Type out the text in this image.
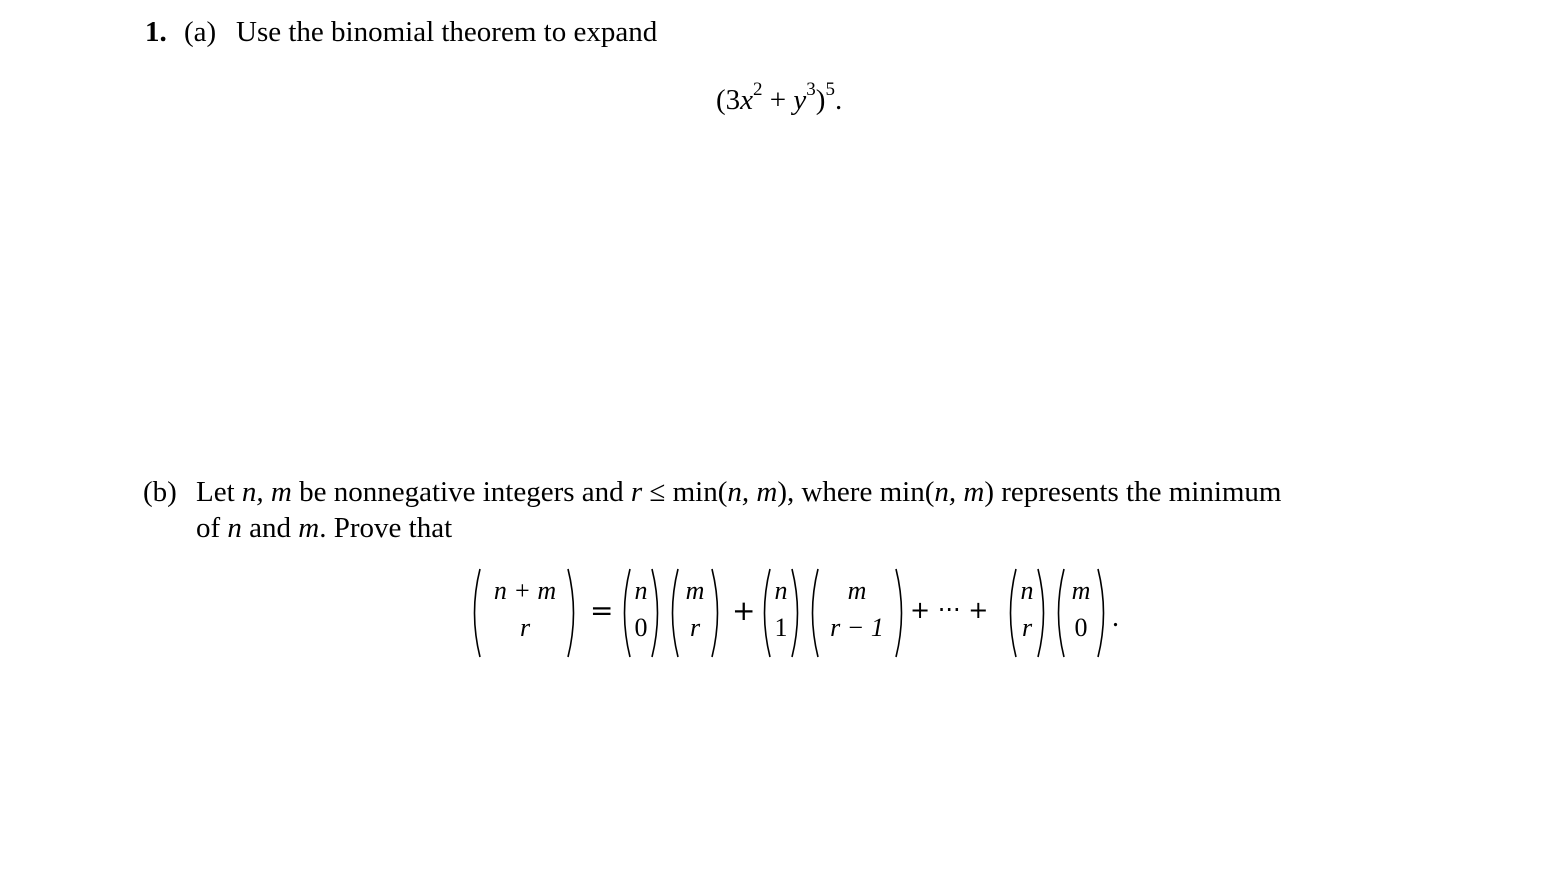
1. (a) Use the binomial theorem to expand
$(3x^2 + y^3)^5$.
(b) Let n, m be nonnegative integers and r ≤ min(n, m), where min(n, m) represents the minimum
of n and m. Prove that
n + m
r
=
n
0
m
r
+
n
1
m
r − 1
+ ··· +
n
r
m
0 .
